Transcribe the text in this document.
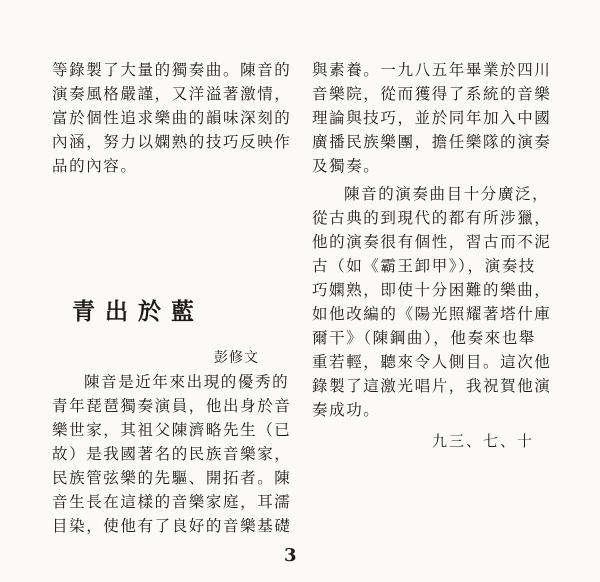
等錄製了大量的獨奏曲。陳音的
演奏風格嚴謹，又洋溢著激情，
富於個性追求樂曲的韻味深刻的
內涵，努力以嫻熟的技巧反映作
品的內容。

青出於藍

彭修文

陳音是近年來出現的優秀的
青年琵琶獨奏演員，他出身於音
樂世家，其祖父陳濟略先生（已
故）是我國著名的民族音樂家，
民族管弦樂的先驅、開拓者。陳
音生長在這樣的音樂家庭，耳濡
目染，使他有了良好的音樂基礎

與素養。一九八五年畢業於四川
音樂院，從而獲得了系統的音樂
理論與技巧，並於同年加入中國
廣播民族樂團，擔任樂隊的演奏
及獨奏。

陳音的演奏曲目十分廣泛，
從古典的到現代的都有所涉獵，
他的演奏很有個性，習古而不泥
古（如《霸王卸甲》），演奏技
巧嫻熟，即使十分困難的樂曲，
如他改編的《陽光照耀著塔什庫
爾干》（陳鋼曲），他奏來也舉
重若輕，聽來令人側目。這次他
錄製了這激光唱片，我祝賀他演
奏成功。

九三、七、十

3
